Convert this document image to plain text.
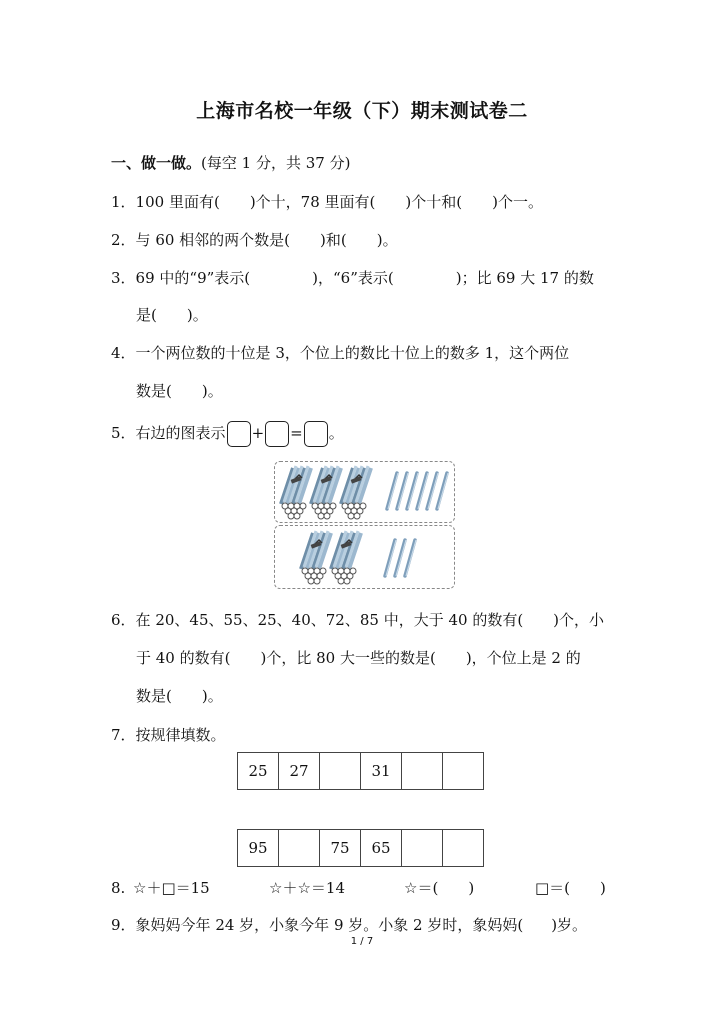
上海市名校一年级（下）期末测试卷二
一、做一做。(每空 1 分，共 37 分)
1．100 里面有( )个十，78 里面有( )个十和( )个一。
2．与 60 相邻的两个数是( )和( )。
3．69 中的“9”表示(	)，“6”表示(	)；比 69 大 17 的数
是( )。
4．一个两位数的十位是 3，个位上的数比十位上的数多 1，这个两位
数是( )。
5．右边的图表示 + = 。
6．在 20、45、55、25、40、72、85 中，大于 40 的数有( )个，小
于 40 的数有( )个，比 80 大一些的数是( )，个位上是 2 的
数是( )。
7．按规律填数。
25	27		31		
95		75	65		
8. ☆＋□＝15	☆＋☆＝14	☆＝( )	□＝( )
9．象妈妈今年 24 岁，小象今年 9 岁。小象 2 岁时，象妈妈( )岁。
1 / 7
